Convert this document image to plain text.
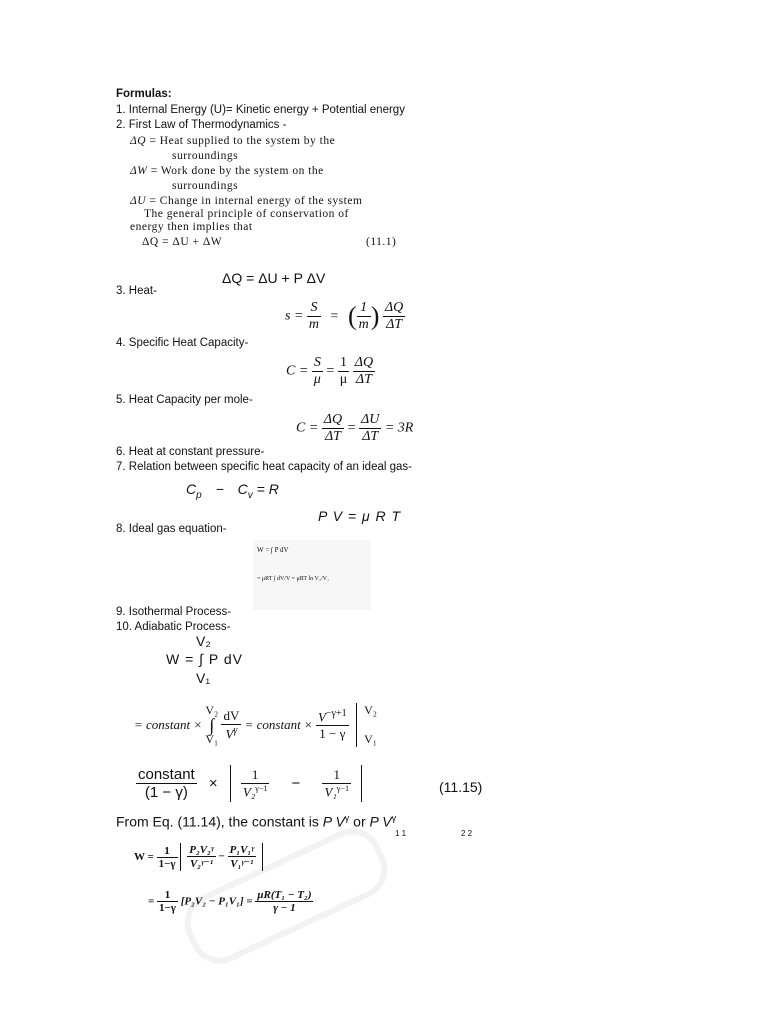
Formulas:
1. Internal Energy (U)= Kinetic energy + Potential energy
2. First Law of Thermodynamics -
ΔQ = Heat supplied to the system by the
surroundings
ΔW = Work done by the system on the
surroundings
ΔU = Change in internal energy of the system
The general principle of conservation of
energy then implies that
ΔQ = ΔU + ΔW	(11.1)
ΔQ = ΔU + P ΔV
3. Heat-
$s = \frac{S}{m}$ = ( $\frac{1}{m}$ ) $\frac{\Delta Q}{\Delta T}$
4. Specific Heat Capacity-
$C = \frac{S}{\mu} = \frac{1}{\mu}$
$\frac{\Delta Q}{\Delta T}$
5. Heat Capacity per mole-
$C = \frac{\Delta Q}{\Delta T} = \frac{\Delta U}{\Delta T} = 3R$
6. Heat at constant pressure-
7. Relation between specific heat capacity of an ideal gas-
$C_p - C_v = R$
P V = μ R T
8. Ideal gas equation-
W = ∫ P dV
= μRT ∫ dV/V = μRT ln V₂/V₁
9. Isothermal Process-
10. Adiabatic Process-
V₂
W = ∫ P dV
V₁
= constant ×
V₂
∫
V₁
$\frac{dV}{V^\gamma}$ = constant × $\frac{V^{-\gamma+1}}{1 - \gamma}$
V₂
V₁
$\frac{\text{constant}}{(1 - \gamma)} \times \frac{1}{V_2^{\gamma-1}} - \frac{1}{V_1^{\gamma-1}}$	(11.15)
From Eq. (11.14), the constant is P $V^\gamma$ or P $V^\gamma$
1 1	2 2
$W = \frac{1}{1-\gamma}$
$\frac{\text{P₂V₂ᵞ}}{\text{V₂ᵞ⁻¹}} - \frac{\text{P₁V₁ᵞ}}{\text{V₁ᵞ⁻¹}}$
= $\frac{1}{1-\gamma} [P_2V_2 - P_1V_1] = \frac{\text{μR(T₁ − T₂)}}{\gamma - 1}$
